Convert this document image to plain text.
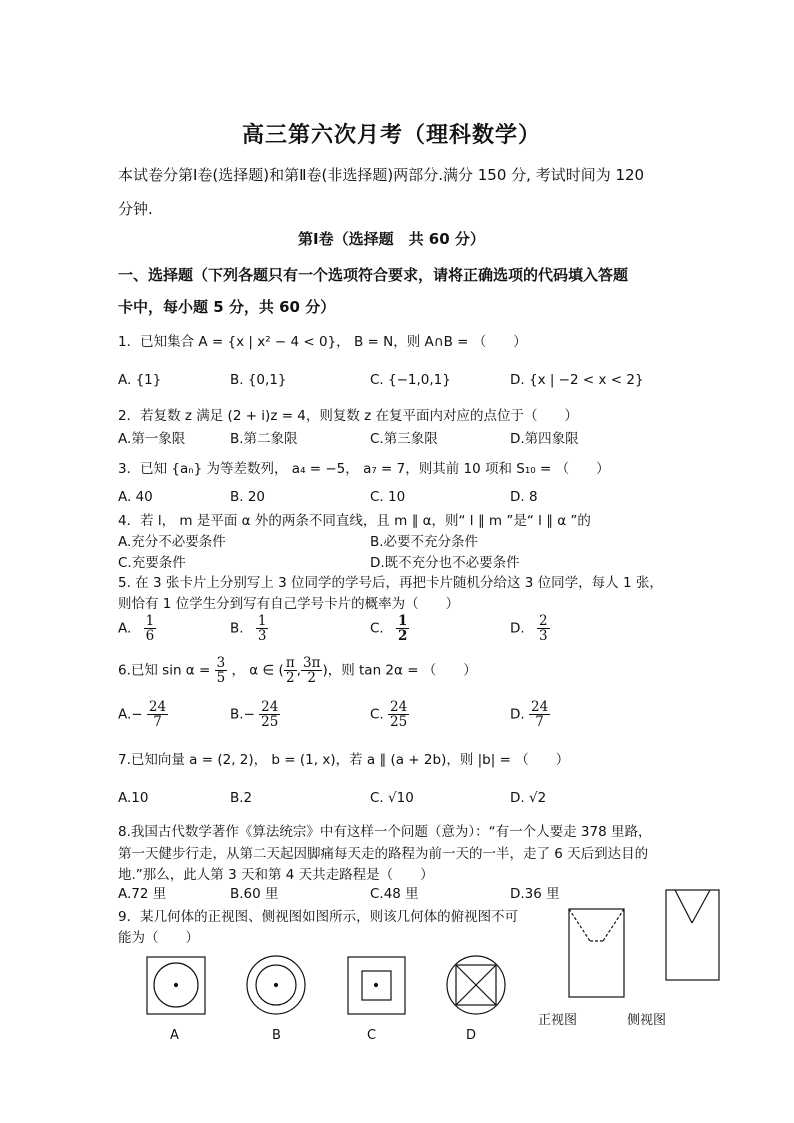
高三第六次月考（理科数学）
本试卷分第Ⅰ卷(选择题)和第Ⅱ卷(非选择题)两部分.满分 150 分, 考试时间为 120
分钟.
第Ⅰ卷（选择题　共 60 分）
一、选择题（下列各题只有一个选项符合要求，请将正确选项的代码填入答题
卡中，每小题 5 分，共 60 分）
1．已知集合 A = {x | x² − 4 < 0}， B = N，则 A∩B = （　　）
A. {1}	B. {0,1}	C. {−1,0,1}	D. {x | −2 < x < 2}
2．若复数 z 满足 (2 + i)z = 4，则复数 z 在复平面内对应的点位于（　　）
A.第一象限	B.第二象限	C.第三象限	D.第四象限
3．已知 {aₙ} 为等差数列， a₄ = −5， a₇ = 7，则其前 10 项和 S₁₀ = （　　）
A. 40	B. 20	C. 10	D. 8
4．若 l， m 是平面 α 外的两条不同直线，且 m ∥ α，则“ l ∥ m ”是“ l ∥ α ”的
A.充分不必要条件	B.必要不充分条件
C.充要条件	D.既不充分也不必要条件
5. 在 3 张卡片上分别写上 3 位同学的学号后，再把卡片随机分给这 3 位同学，每人 1 张，
则恰有 1 位学生分到写有自己学号卡片的概率为（　　）
A. $\frac{1}{6}$	B. $\frac{1}{3}$	C. $\frac{1}{2}$	D. $\frac{2}{3}$
6.已知 $\sin \alpha = \frac{3}{5}$ ， α ∈ ( $\frac{\pi}{2}$ , $\frac{3\pi}{2}$ )，则 tan 2α = （　　）
$A.- \frac{24}{7}$	$B.- \frac{24}{25}$	C. $\frac{24}{25}$	D. $\frac{24}{7}$
7.已知向量 a = (2, 2)， b = (1, x)，若 a ∥ (a + 2b)，则 |b| = （　　）
A.10	B.2	C. √10	D. √2
8.我国古代数学著作《算法统宗》中有这样一个问题（意为）：“有一个人要走 378 里路，
第一天健步行走，从第二天起因脚痛每天走的路程为前一天的一半，走了 6 天后到达目的
地.”那么，此人第 3 天和第 4 天共走路程是（　　）
A.72 里	B.60 里	C.48 里	D.36 里
9．某几何体的正视图、侧视图如图所示，则该几何体的俯视图不可
能为（　　）
A	B	C	D
正视图	侧视图
